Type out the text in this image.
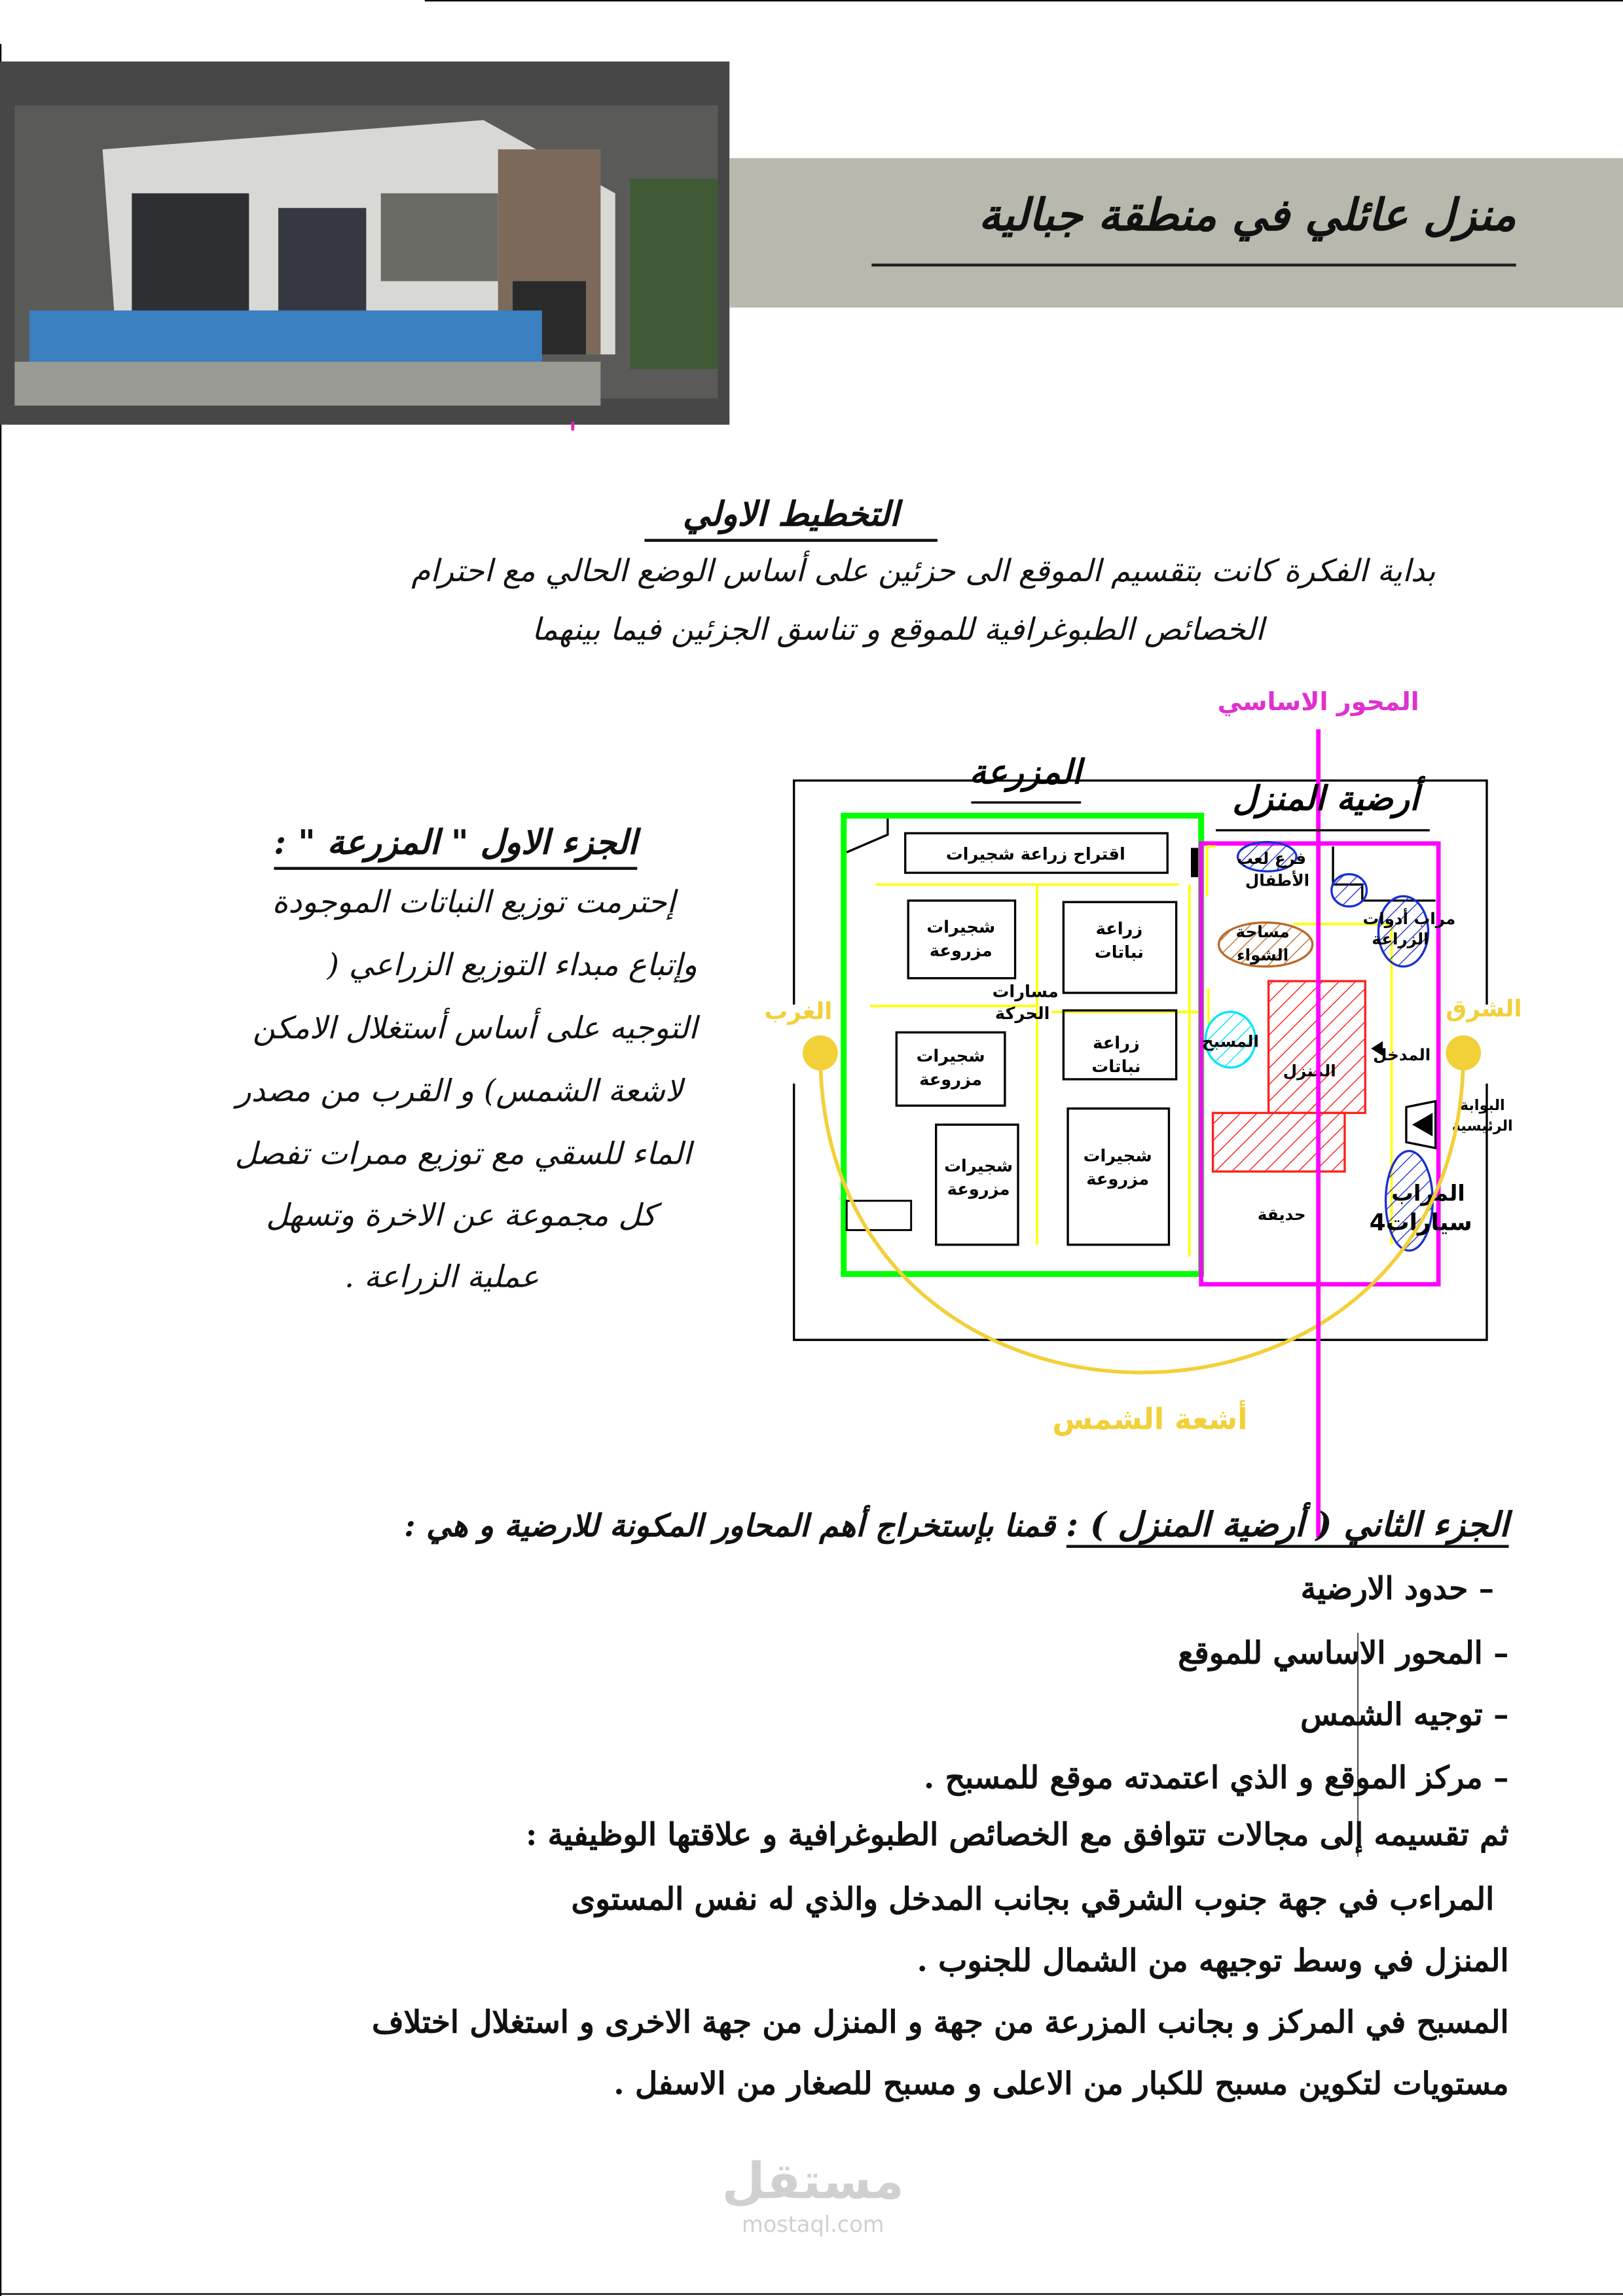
منزل عائلي في منطقة جبالية
التخطيط الاولي
بداية الفكرة كانت بتقسيم الموقع الى حزئين على أساس الوضع الحالي مع احترام
الخصائص الطبوغرافية للموقع و تناسق الجزئين فيما بينهما
الجزء الاول " المزرعة " :
إحترمت توزيع النباتات الموجودة
وإتباع مبداء التوزيع الزراعي (
التوجيه على أساس أستغلال الامكن
لاشعة الشمس) و القرب من مصدر
الماء للسقي مع توزيع ممرات تفصل
كل مجموعة عن الاخرة وتسهل
عملية الزراعة .
اقتراح زراعة شجيرات
شجيرات
مزروعة
زراعة
نباتات
شجيرات
مزروعة
زراعة
نباتات
شجيرات
مزروعة
شجيرات
مزروعة
مسارات
الحركة
فرع لعب
الأطفال
مراب أدوات
الزراعة
مساحة
الشواء
المسبح
المنزل
المدخل
البوابة
الرئيسية
المراب
4سيارات
حديقة
المحور الاساسي
المزرعة
أرضية المنزل
الغرب	الشرق
أشعة الشمس
الجزء الثاني ( أرضية المنزل ) : قمنا بإستخراج أهم المحاور المكونة للارضية و هي :
– حدود الارضية
– المحور الاساسي للموقع
– توجيه الشمس
– مركز الموقع و الذي اعتمدته موقع للمسبح .
ثم تقسيمه إلى مجالات تتوافق مع الخصائص الطبوغرافية و علاقتها الوظيفية :
المراءب في جهة جنوب الشرقي بجانب المدخل والذي له نفس المستوى
المنزل في وسط توجيهه من الشمال للجنوب .
المسبح في المركز و بجانب المزرعة من جهة و المنزل من جهة الاخرى و استغلال اختلاف
مستويات لتكوين مسبح للكبار من الاعلى و مسبح للصغار من الاسفل .
مستقل
mostaql.com
